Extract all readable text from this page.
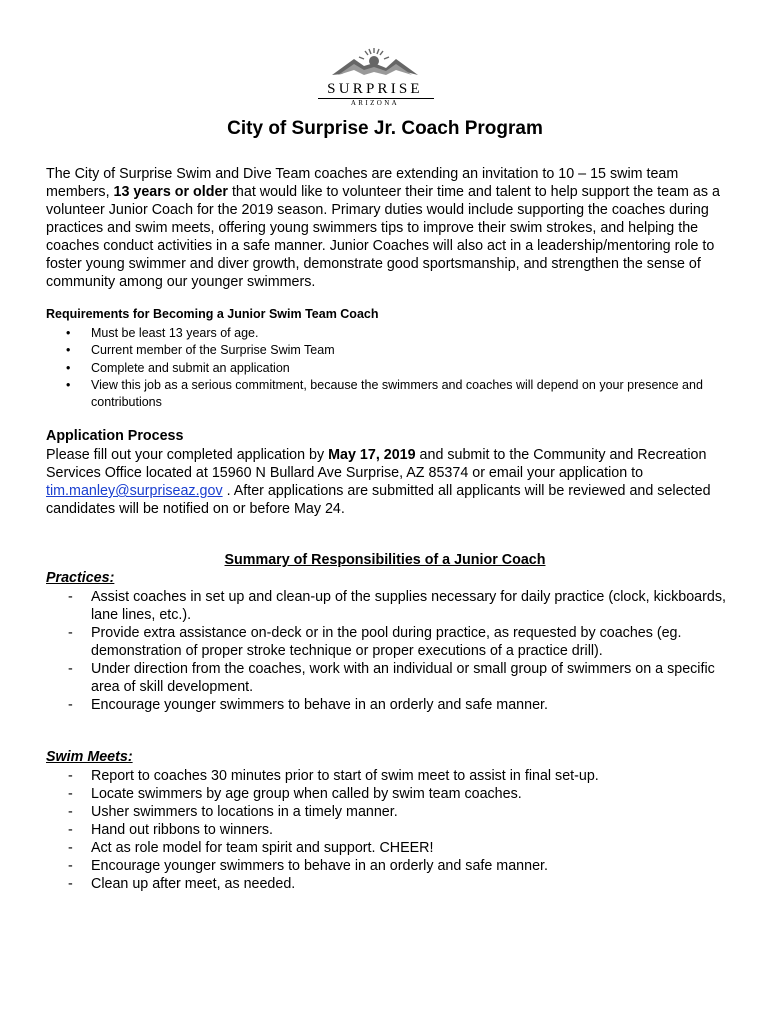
SURPRISE
ARIZONA
City of Surprise Jr. Coach Program

The City of Surprise Swim and Dive Team coaches are extending an invitation to 10 – 15 swim team members, 13 years or older that would like to volunteer their time and talent to help support the team as a volunteer Junior Coach for the 2019 season. Primary duties would include supporting the coaches during practices and swim meets, offering young swimmers tips to improve their swim strokes, and helping the coaches conduct activities in a safe manner. Junior Coaches will also act in a leadership/mentoring role to foster young swimmer and diver growth, demonstrate good sportsmanship, and strengthen the sense of community among our younger swimmers.

Requirements for Becoming a Junior Swim Team Coach

• Must be least 13 years of age.
• Current member of the Surprise Swim Team
• Complete and submit an application
• View this job as a serious commitment, because the swimmers and coaches will depend on your presence and contributions

Application Process

Please fill out your completed application by May 17, 2019 and submit to the Community and Recreation Services Office located at 15960 N Bullard Ave Surprise, AZ 85374 or email your application to tim.manley@surpriseaz.gov . After applications are submitted all applicants will be reviewed and selected candidates will be notified on or before May 24.

Summary of Responsibilities of a Junior Coach

Practices:

- Assist coaches in set up and clean-up of the supplies necessary for daily practice (clock, kickboards, lane lines, etc.).
- Provide extra assistance on-deck or in the pool during practice, as requested by coaches (eg. demonstration of proper stroke technique or proper executions of a practice drill).
- Under direction from the coaches, work with an individual or small group of swimmers on a specific area of skill development.
- Encourage younger swimmers to behave in an orderly and safe manner.

Swim Meets:

- Report to coaches 30 minutes prior to start of swim meet to assist in final set-up.
- Locate swimmers by age group when called by swim team coaches.
- Usher swimmers to locations in a timely manner.
- Hand out ribbons to winners.
- Act as role model for team spirit and support. CHEER!
- Encourage younger swimmers to behave in an orderly and safe manner.
- Clean up after meet, as needed.
